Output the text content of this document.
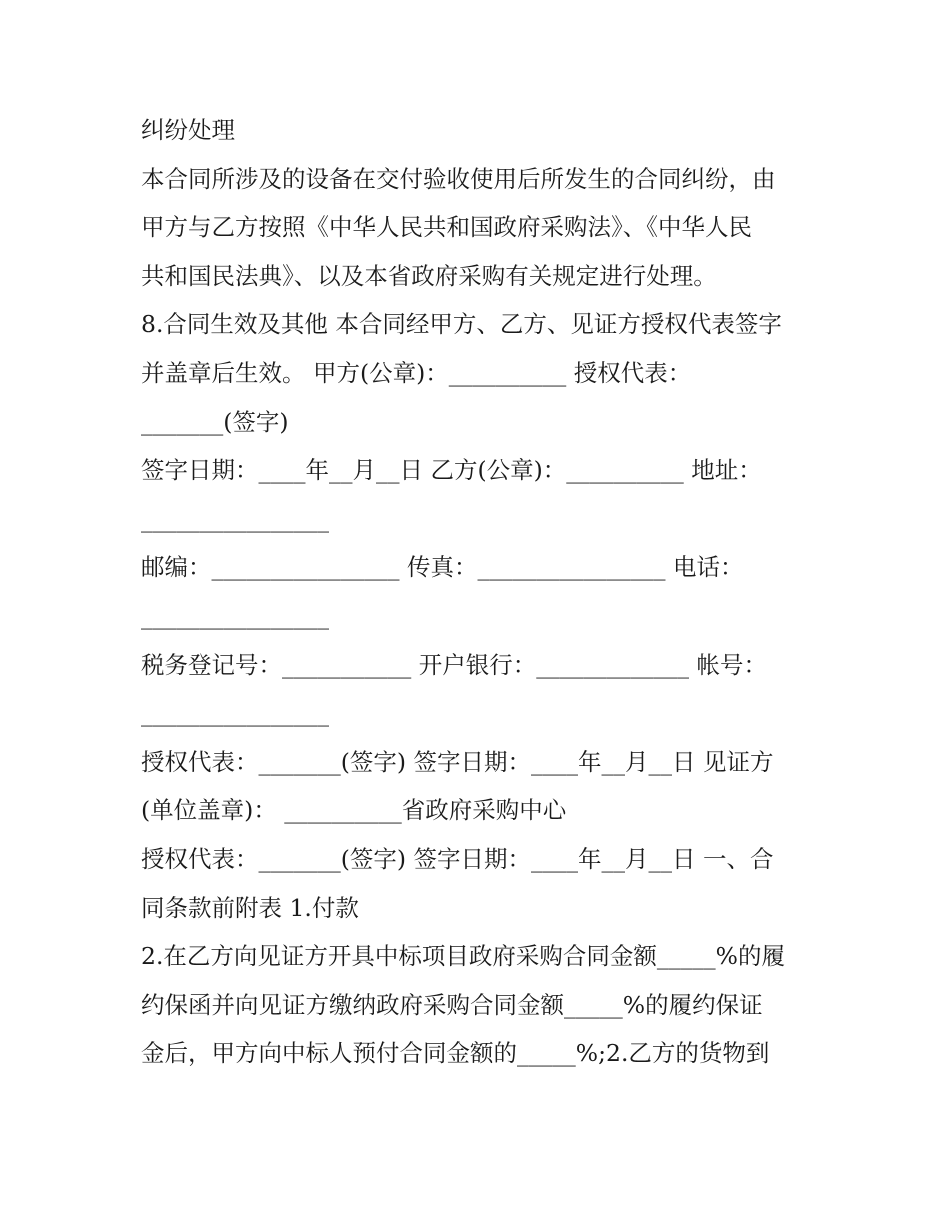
纠纷处理
本合同所涉及的设备在交付验收使用后所发生的合同纠纷，由
甲方与乙方按照《中华人民共和国政府采购法》、《中华人民
共和国民法典》、以及本省政府采购有关规定进行处理。
8.合同生效及其他 本合同经甲方、乙方、见证方授权代表签字
并盖章后生效。 甲方(公章)：__________ 授权代表：
_______(签字)
签字日期：____年__月__日 乙方(公章)：__________ 地址：
________________
邮编：________________ 传真：________________ 电话：
________________
税务登记号：___________ 开户银行：_____________ 帐号：
________________
授权代表：_______(签字) 签字日期：____年__月__日 见证方
(单位盖章)： __________省政府采购中心
授权代表：_______(签字) 签字日期：____年__月__日 一、合
同条款前附表 1.付款
2.在乙方向见证方开具中标项目政府采购合同金额_____%的履
约保函并向见证方缴纳政府采购合同金额_____%的履约保证
金后，甲方向中标人预付合同金额的_____%;2.乙方的货物到
